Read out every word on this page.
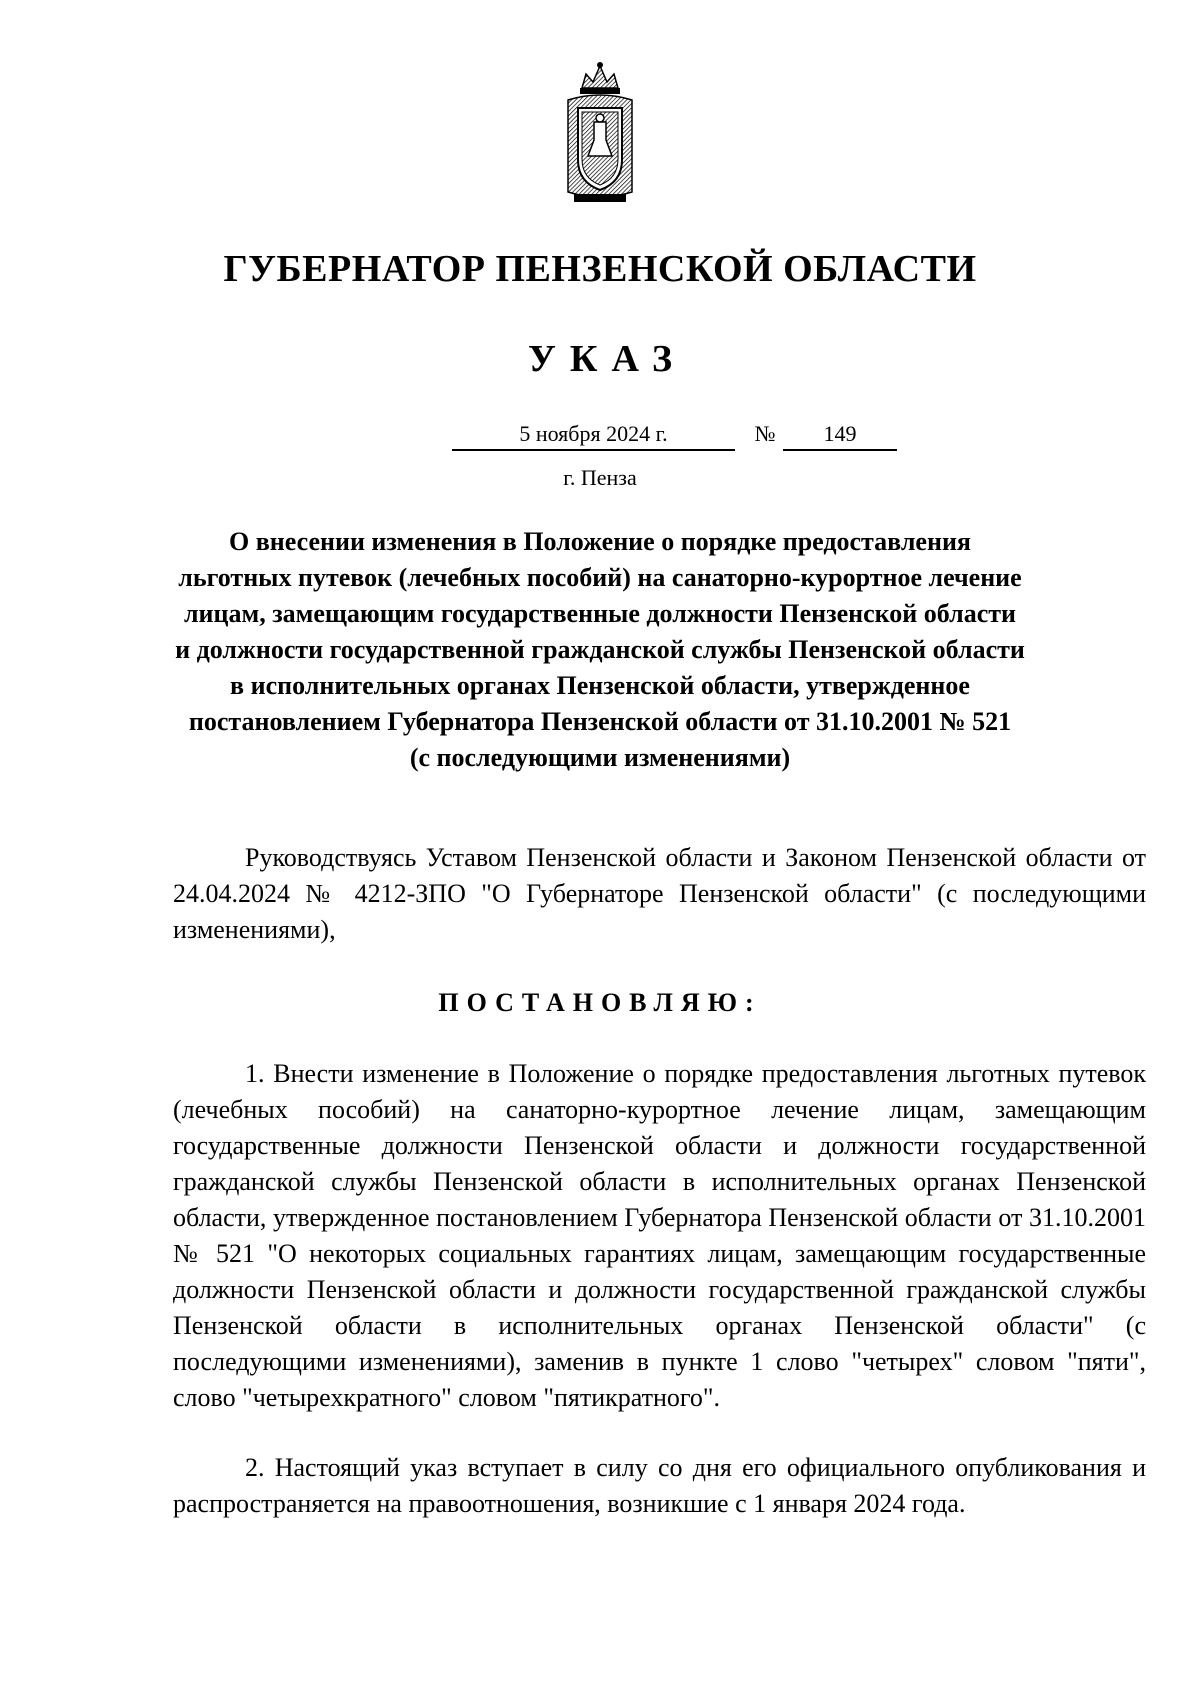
ГУБЕРНАТОР ПЕНЗЕНСКОЙ ОБЛАСТИ
УКАЗ
5 ноября 2024 г.	№	149
г. Пенза
О внесении изменения в Положение о порядке предоставления
льготных путевок (лечебных пособий) на санаторно-курортное лечение
лицам, замещающим государственные должности Пензенской области
и должности государственной гражданской службы Пензенской области
в исполнительных органах Пензенской области, утвержденное
постановлением Губернатора Пензенской области от 31.10.2001 № 521
(с последующими изменениями)
Руководствуясь Уставом Пензенской области и Законом Пензенской области от 24.04.2024 № 4212-ЗПО "О Губернаторе Пензенской области" (с последующими изменениями),
ПОСТАНОВЛЯЮ:
1. Внести изменение в Положение о порядке предоставления льготных путевок (лечебных пособий) на санаторно-курортное лечение лицам, замещающим государственные должности Пензенской области и должности государственной гражданской службы Пензенской области в исполнительных органах Пензенской области, утвержденное постановлением Губернатора Пензенской области от 31.10.2001 № 521 "О некоторых социальных гарантиях лицам, замещающим государственные должности Пензенской области и должности государственной гражданской службы Пензенской области в исполнительных органах Пензенской области" (с последующими изменениями), заменив в пункте 1 слово "четырех" словом "пяти", слово "четырехкратного" словом "пятикратного".
2. Настоящий указ вступает в силу со дня его официального опубликования и распространяется на правоотношения, возникшие с 1 января 2024 года.
